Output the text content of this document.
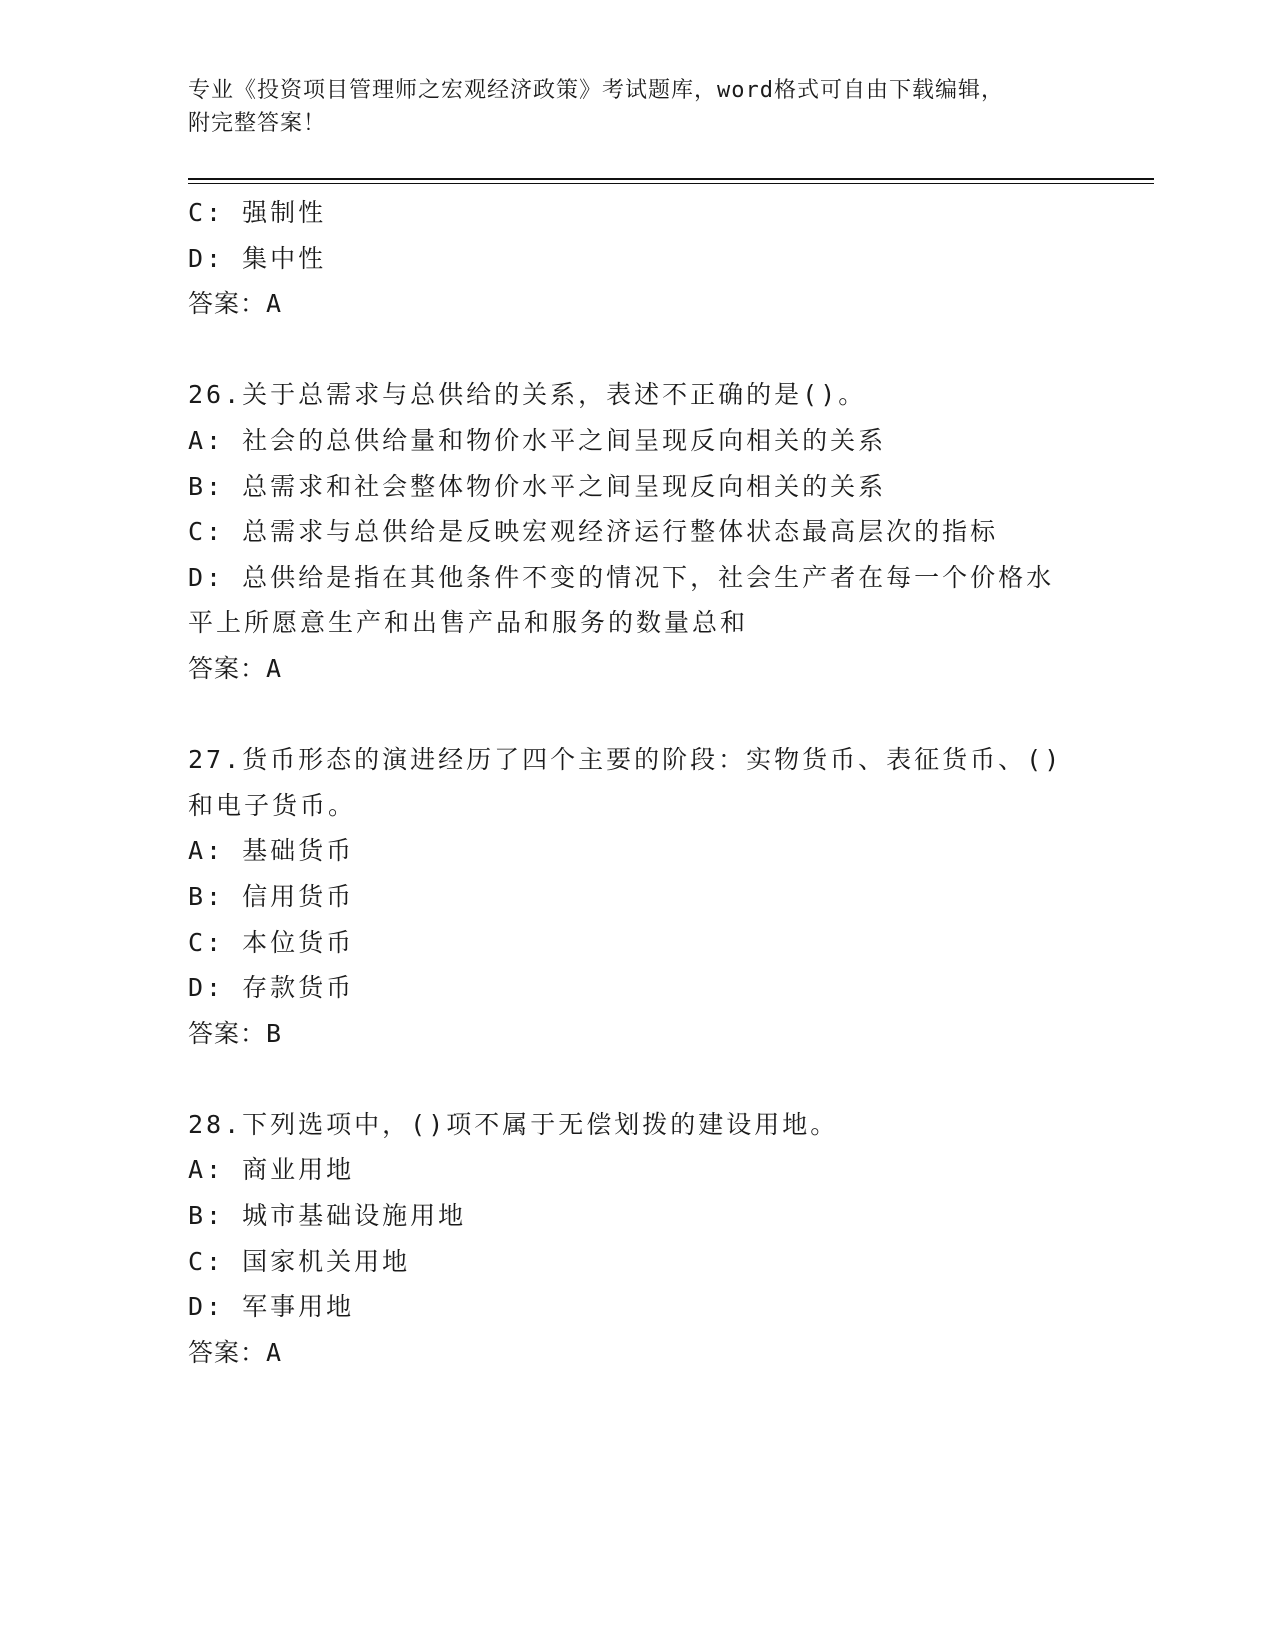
专业《投资项目管理师之宏观经济政策》考试题库，word格式可自由下载编辑，
附完整答案！
C: 强制性
D: 集中性
答案：A
26.关于总需求与总供给的关系，表述不正确的是()。
A: 社会的总供给量和物价水平之间呈现反向相关的关系
B: 总需求和社会整体物价水平之间呈现反向相关的关系
C: 总需求与总供给是反映宏观经济运行整体状态最高层次的指标
D: 总供给是指在其他条件不变的情况下，社会生产者在每一个价格水
平上所愿意生产和出售产品和服务的数量总和
答案：A
27.货币形态的演进经历了四个主要的阶段：实物货币、表征货币、()
和电子货币。
A: 基础货币
B: 信用货币
C: 本位货币
D: 存款货币
答案：B
28.下列选项中，()项不属于无偿划拨的建设用地。
A: 商业用地
B: 城市基础设施用地
C: 国家机关用地
D: 军事用地
答案：A
